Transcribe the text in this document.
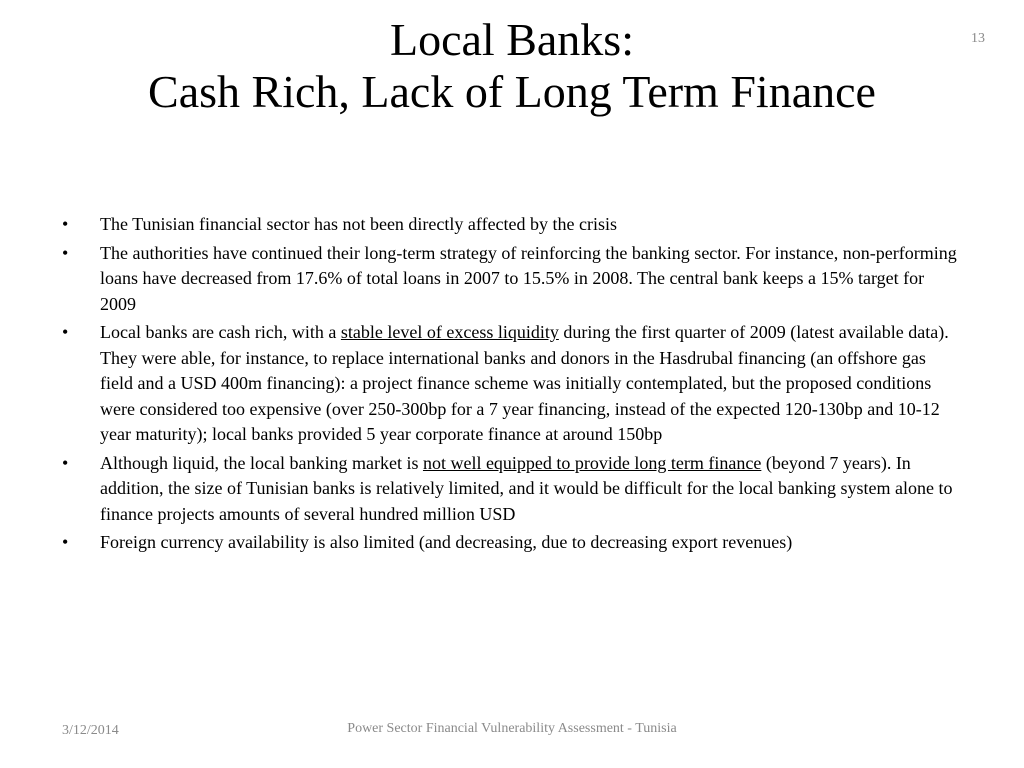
Local Banks:
Cash Rich, Lack of Long Term Finance
13
•	The Tunisian financial sector has not been directly affected by the crisis
•	The authorities have continued their long-term strategy of reinforcing the banking sector. For instance, non-performing loans have decreased from 17.6% of total loans in 2007 to 15.5% in 2008. The central bank keeps a 15% target for 2009
•	Local banks are cash rich, with a stable level of excess liquidity during the first quarter of 2009 (latest available data). They were able, for instance, to replace international banks and donors in the Hasdrubal financing (an offshore gas field and a USD 400m financing): a project finance scheme was initially contemplated, but the proposed conditions were considered too expensive (over 250-300bp for a 7 year financing, instead of the expected 120-130bp and 10-12 year maturity); local banks provided 5 year corporate finance at around 150bp
•	Although liquid, the local banking market is not well equipped to provide long term finance (beyond 7 years). In addition, the size of Tunisian banks is relatively limited, and it would be difficult for the local banking system alone to finance projects amounts of several hundred million USD
•	Foreign currency availability is also limited (and decreasing, due to decreasing export revenues)
3/12/2014	Power Sector Financial Vulnerability Assessment - Tunisia
